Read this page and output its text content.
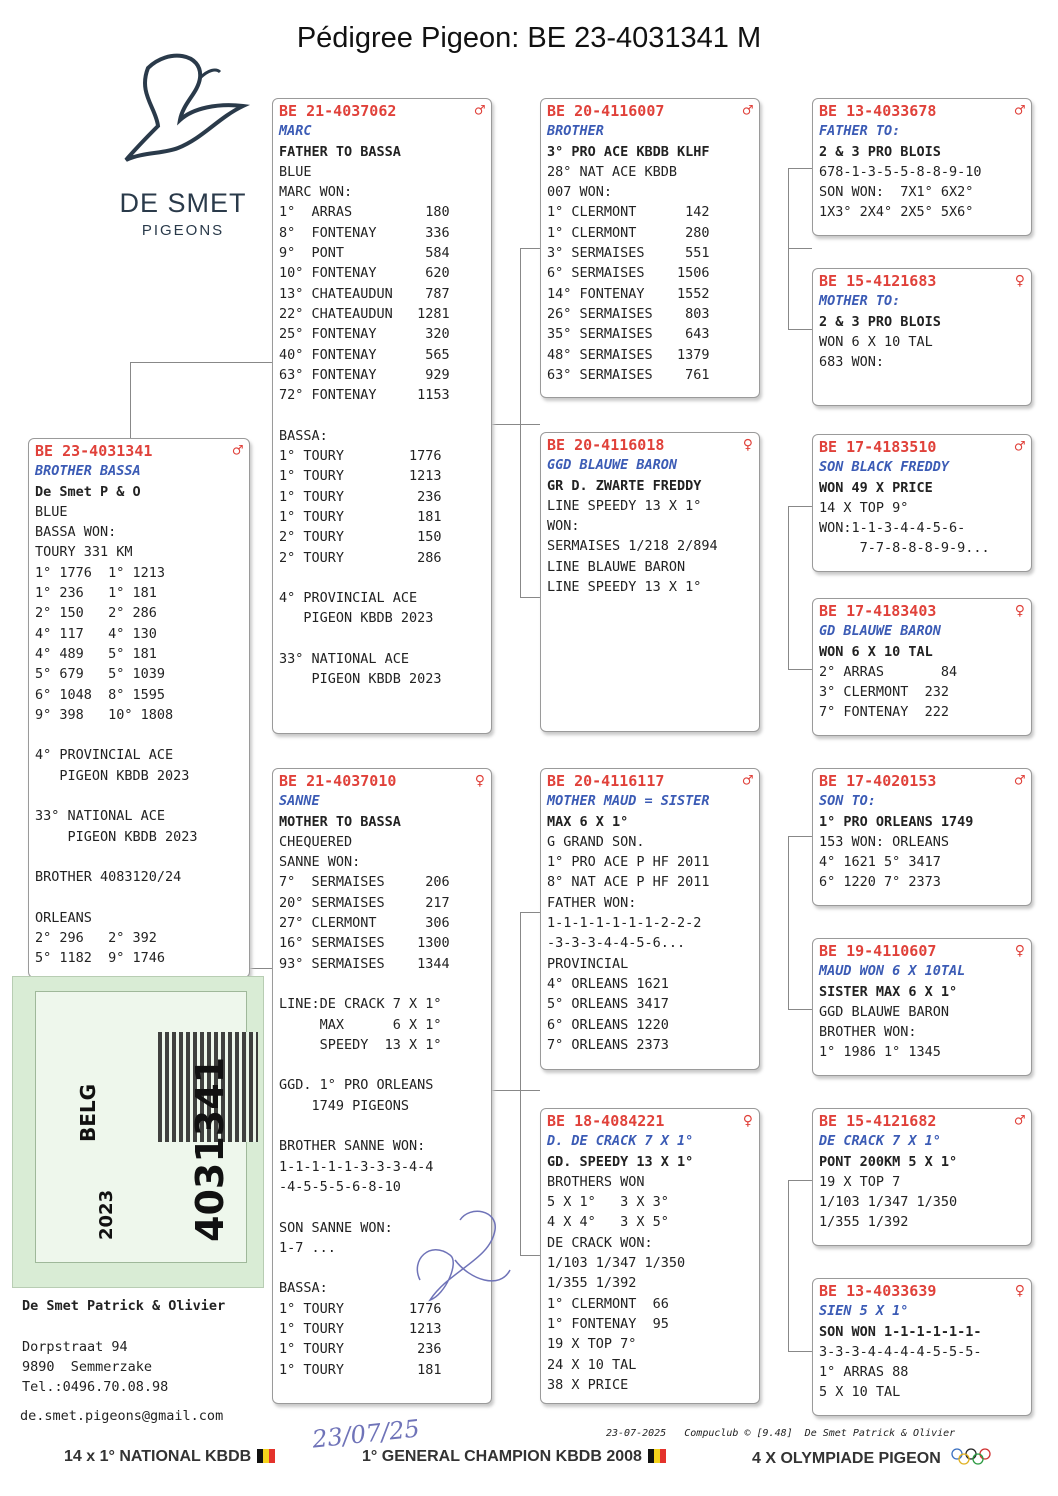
Pédigree Pigeon: BE 23-4031341 M
DE SMET
PIGEONS
BE 23-4031341	♂
BROTHER BASSA
De Smet P & O
BLUE
BASSA WON:
TOURY 331 KM
1° 1776  1° 1213
1° 236   1° 181
2° 150   2° 286
4° 117   4° 130
4° 489   5° 181
5° 679   5° 1039
6° 1048  8° 1595
9° 398   10° 1808

4° PROVINCIAL ACE
PIGEON KBDB 2023

33° NATIONAL ACE
PIGEON KBDB 2023

BROTHER 4083120/24

ORLEANS
2° 296   2° 392
5° 1182  9° 1746
BE 21-4037062	♂
MARC
FATHER TO BASSA
BLUE
MARC WON:
1°  ARRAS         180
8°  FONTENAY      336
9°  PONT          584
10° FONTENAY      620
13° CHATEAUDUN    787
22° CHATEAUDUN   1281
25° FONTENAY      320
40° FONTENAY      565
63° FONTENAY      929
72° FONTENAY     1153

BASSA:
1° TOURY        1776
1° TOURY        1213
1° TOURY         236
1° TOURY         181
2° TOURY         150
2° TOURY         286

4° PROVINCIAL ACE
PIGEON KBDB 2023

33° NATIONAL ACE
PIGEON KBDB 2023
BE 21-4037010	♀
SANNE
MOTHER TO BASSA
CHEQUERED
SANNE WON:
7°  SERMAISES     206
20° SERMAISES     217
27° CLERMONT      306
16° SERMAISES    1300
93° SERMAISES    1344

LINE:DE CRACK 7 X 1°
MAX      6 X 1°
SPEEDY  13 X 1°

GGD. 1° PRO ORLEANS
1749 PIGEONS

BROTHER SANNE WON:
1-1-1-1-1-3-3-3-4-4
-4-5-5-5-6-8-10

SON SANNE WON:
1-7 ...

BASSA:
1° TOURY        1776
1° TOURY        1213
1° TOURY         236
1° TOURY         181
BE 20-4116007	♂
BROTHER
3° PRO ACE KBDB KLHF
28° NAT ACE KBDB
007 WON:
1° CLERMONT      142
1° CLERMONT      280
3° SERMAISES     551
6° SERMAISES    1506
14° FONTENAY    1552
26° SERMAISES    803
35° SERMAISES    643
48° SERMAISES   1379
63° SERMAISES    761
BE 20-4116018	♀
GGD BLAUWE BARON
GR D. ZWARTE FREDDY
LINE SPEEDY 13 X 1°
WON:
SERMAISES 1/218 2/894
LINE BLAUWE BARON
LINE SPEEDY 13 X 1°
BE 20-4116117	♂
MOTHER MAUD = SISTER
MAX 6 X 1°
G GRAND SON.
1° PRO ACE P HF 2011
8° NAT ACE P HF 2011
FATHER WON:
1-1-1-1-1-1-1-2-2-2
-3-3-3-4-4-5-6...
PROVINCIAL
4° ORLEANS 1621
5° ORLEANS 3417
6° ORLEANS 1220
7° ORLEANS 2373
BE 18-4084221	♀
D. DE CRACK 7 X 1°
GD. SPEEDY 13 X 1°
BROTHERS WON
5 X 1°   3 X 3°
4 X 4°   3 X 5°
DE CRACK WON:
1/103 1/347 1/350
1/355 1/392
1° CLERMONT  66
1° FONTENAY  95
19 X TOP 7°
24 X 10 TAL
38 X PRICE
BE 13-4033678	♂
FATHER TO:
2 & 3 PRO BLOIS
678-1-3-5-5-8-8-9-10
SON WON:  7X1° 6X2°
1X3° 2X4° 2X5° 5X6°
BE 15-4121683	♀
MOTHER TO:
2 & 3 PRO BLOIS
WON 6 X 10 TAL
683 WON:
BE 17-4183510	♂
SON BLACK FREDDY
WON 49 X PRICE
14 X TOP 9°
WON:1-1-3-4-4-5-6-
7-7-8-8-8-9-9...
BE 17-4183403	♀
GD BLAUWE BARON
WON 6 X 10 TAL
2° ARRAS       84
3° CLERMONT  232
7° FONTENAY  222
BE 17-4020153	♂
SON TO:
1° PRO ORLEANS 1749
153 WON: ORLEANS
4° 1621 5° 3417
6° 1220 7° 2373
BE 19-4110607	♀
MAUD WON 6 X 10TAL
SISTER MAX 6 X 1°
GGD BLAUWE BARON
BROTHER WON:
1° 1986 1° 1345
BE 15-4121682	♂
DE CRACK 7 X 1°
PONT 200KM 5 X 1°
19 X TOP 7
1/103 1/347 1/350
1/355 1/392
BE 13-4033639	♀
SIEN 5 X 1°
SON WON 1-1-1-1-1-1-
3-3-3-4-4-4-4-5-5-5-
1° ARRAS 88
5 X 10 TAL
BELG
2023 4031341
De Smet Patrick & Olivier

Dorpstraat 94
9890  Semmerzake
Tel.:0496.70.08.98
de.smet.pigeons@gmail.com	23/07/25	23-07-2025   Compuclub © [9.48]  De Smet Patrick & Olivier
14 x 1° NATIONAL KBDB	1° GENERAL CHAMPION KBDB 2008	4 X OLYMPIADE PIGEON
